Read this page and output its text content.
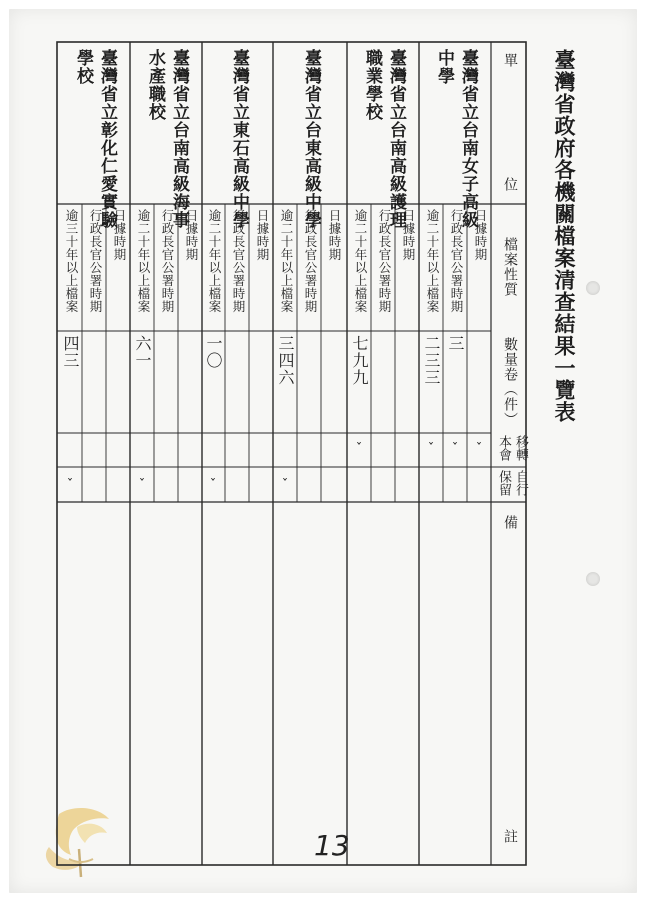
臺灣省政府各機關檔案清查結果一覽表
單
位
檔案性質
數量卷（件）
移轉
本會
自行
保留
備
註
臺灣省立台南女子高級
中學
日據時期
行政長官公署時期
逾二十年以上檔案
三
二三三
ˇ
ˇ
ˇ
臺灣省立台南高級護理
職業學校
日據時期
行政長官公署時期
逾二十年以上檔案
七九九
ˇ
臺灣省立台東高級中學
日據時期
行政長官公署時期
逾二十年以上檔案
三四六
ˇ
臺灣省立東石高級中學
日據時期
行政長官公署時期
逾二十年以上檔案
一〇
ˇ
臺灣省立台南高級海事
水產職校
日據時期
行政長官公署時期
逾二十年以上檔案
六一
ˇ
臺灣省立彰化仁愛實驗
學校
日據時期
行政長官公署時期
逾三十年以上檔案
四三
ˇ
13
